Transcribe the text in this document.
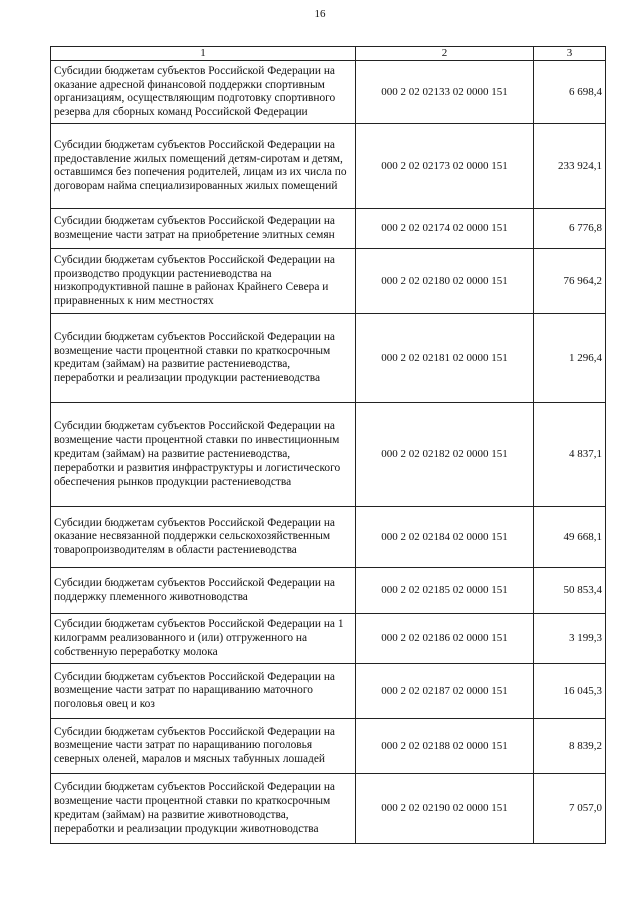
16
1	2	3
Субсидии бюджетам субъектов Российской Федерации на оказание адресной финансовой поддержки спортивным организациям, осуществляющим подготовку спортивного резерва для сборных команд Российской Федерации	000 2 02 02133 02 0000 151	6 698,4
Субсидии бюджетам субъектов Российской Федерации на предоставление жилых помещений детям-сиротам и детям, оставшимся без попечения родителей, лицам из их числа по договорам найма специализированных жилых помещений	000 2 02 02173 02 0000 151	233 924,1
Субсидии бюджетам субъектов Российской Федерации на возмещение части затрат на приобретение элитных семян	000 2 02 02174 02 0000 151	6 776,8
Субсидии бюджетам субъектов Российской Федерации на производство продукции растениеводства на низкопродуктивной пашне в районах Крайнего Севера и приравненных к ним местностях	000 2 02 02180 02 0000 151	76 964,2
Субсидии бюджетам субъектов Российской Федерации на возмещение части процентной ставки по краткосрочным кредитам (займам) на развитие растениеводства, переработки и реализации продукции растениеводства	000 2 02 02181 02 0000 151	1 296,4
Субсидии бюджетам субъектов Российской Федерации на возмещение части процентной ставки по инвестиционным кредитам (займам) на развитие растениеводства, переработки и развития инфраструктуры и логистического обеспечения рынков продукции растениеводства	000 2 02 02182 02 0000 151	4 837,1
Субсидии бюджетам субъектов Российской Федерации на оказание несвязанной поддержки сельскохозяйственным товаропроизводителям в области растениеводства	000 2 02 02184 02 0000 151	49 668,1
Субсидии бюджетам субъектов Российской Федерации на поддержку племенного животноводства	000 2 02 02185 02 0000 151	50 853,4
Субсидии бюджетам субъектов Российской Федерации на 1 килограмм реализованного и (или) отгруженного на собственную переработку молока	000 2 02 02186 02 0000 151	3 199,3
Субсидии бюджетам субъектов Российской Федерации на возмещение части затрат по наращиванию маточного поголовья овец и коз	000 2 02 02187 02 0000 151	16 045,3
Субсидии бюджетам субъектов Российской Федерации на возмещение части затрат по наращиванию поголовья северных оленей, маралов и мясных табунных лошадей	000 2 02 02188 02 0000 151	8 839,2
Субсидии бюджетам субъектов Российской Федерации на возмещение части процентной ставки по краткосрочным кредитам (займам) на развитие животноводства, переработки и реализации продукции животноводства	000 2 02 02190 02 0000 151	7 057,0
